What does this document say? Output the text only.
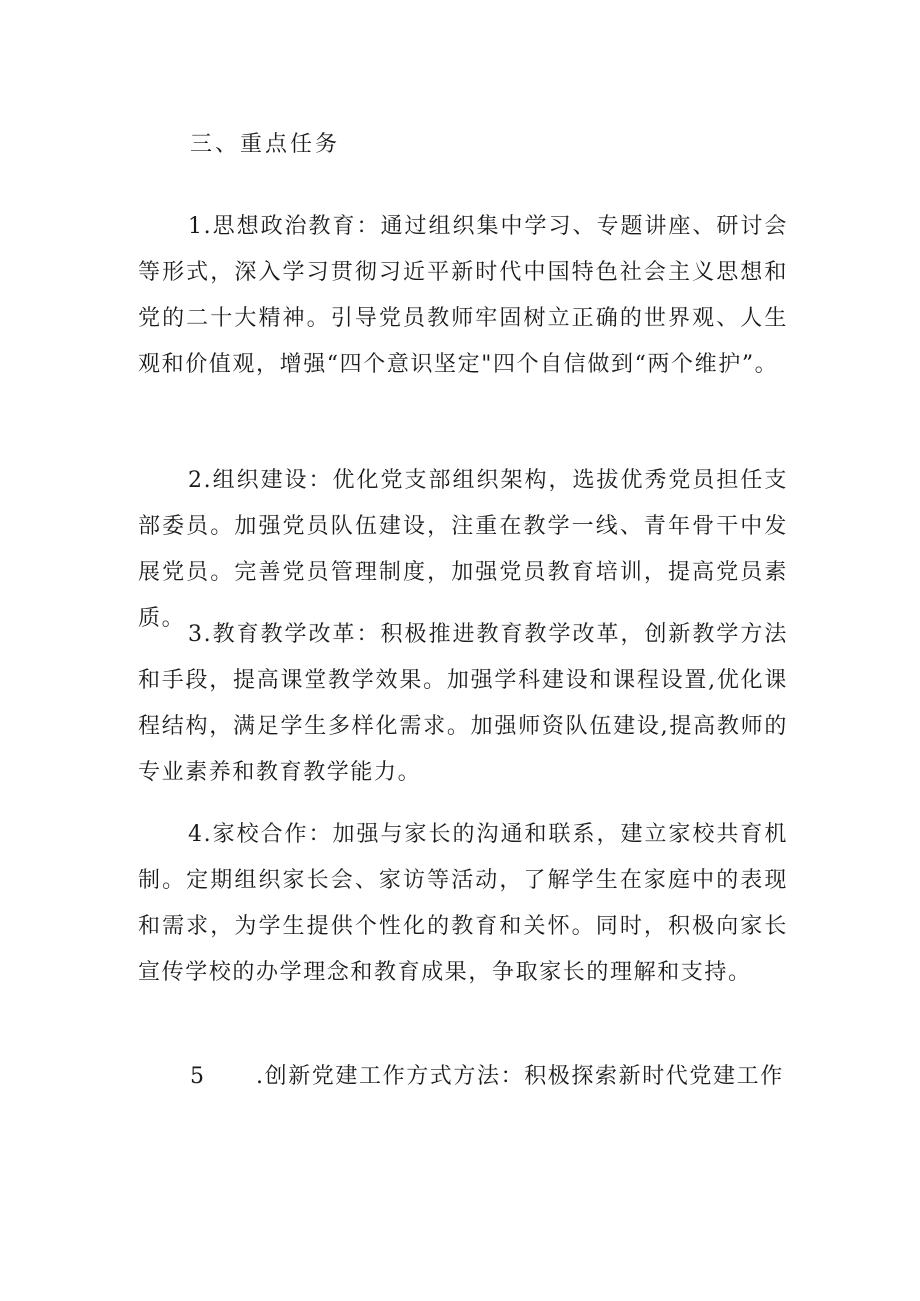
三、重点任务
1.思想政治教育：通过组织集中学习、专题讲座、研讨会等形式，深入学习贯彻习近平新时代中国特色社会主义思想和党的二十大精神。引导党员教师牢固树立正确的世界观、人生观和价值观，增强“四个意识坚定"四个自信做到“两个维护”。
2.组织建设：优化党支部组织架构，选拔优秀党员担任支部委员。加强党员队伍建设，注重在教学一线、青年骨干中发展党员。完善党员管理制度，加强党员教育培训，提高党员素质。
3.教育教学改革：积极推进教育教学改革，创新教学方法和手段，提高课堂教学效果。加强学科建设和课程设置,优化课程结构，满足学生多样化需求。加强师资队伍建设,提高教师的专业素养和教育教学能力。
4.家校合作：加强与家长的沟通和联系，建立家校共育机制。定期组织家长会、家访等活动，了解学生在家庭中的表现和需求，为学生提供个性化的教育和关怀。同时，积极向家长宣传学校的办学理念和教育成果，争取家长的理解和支持。
5 .创新党建工作方式方法：积极探索新时代党建工作
